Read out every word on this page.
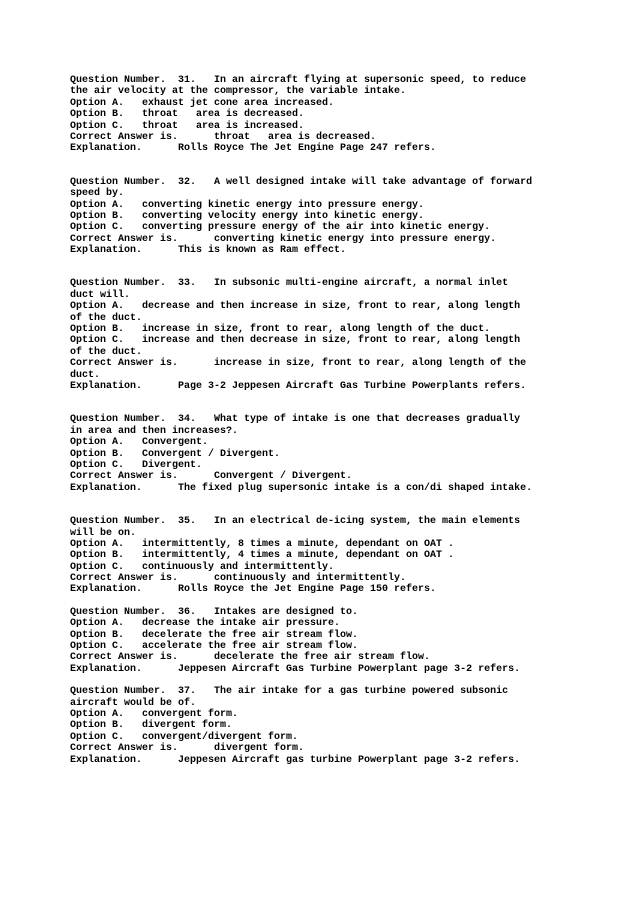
Question Number.  31.   In an aircraft flying at supersonic speed, to reduce
the air velocity at the compressor, the variable intake.
Option A.   exhaust jet cone area increased.
Option B.   throat   area is decreased.
Option C.   throat   area is increased.
Correct Answer is.      throat   area is decreased.
Explanation.      Rolls Royce The Jet Engine Page 247 refers.
Question Number.  32.   A well designed intake will take advantage of forward
speed by.
Option A.   converting kinetic energy into pressure energy.
Option B.   converting velocity energy into kinetic energy.
Option C.   converting pressure energy of the air into kinetic energy.
Correct Answer is.      converting kinetic energy into pressure energy.
Explanation.      This is known as Ram effect.
Question Number.  33.   In subsonic multi-engine aircraft, a normal inlet
duct will.
Option A.   decrease and then increase in size, front to rear, along length
of the duct.
Option B.   increase in size, front to rear, along length of the duct.
Option C.   increase and then decrease in size, front to rear, along length
of the duct.
Correct Answer is.      increase in size, front to rear, along length of the
duct.
Explanation.      Page 3-2 Jeppesen Aircraft Gas Turbine Powerplants refers.
Question Number.  34.   What type of intake is one that decreases gradually
in area and then increases?.
Option A.   Convergent.
Option B.   Convergent / Divergent.
Option C.   Divergent.
Correct Answer is.      Convergent / Divergent.
Explanation.      The fixed plug supersonic intake is a con/di shaped intake.
Question Number.  35.   In an electrical de-icing system, the main elements
will be on.
Option A.   intermittently, 8 times a minute, dependant on OAT .
Option B.   intermittently, 4 times a minute, dependant on OAT .
Option C.   continuously and intermittently.
Correct Answer is.      continuously and intermittently.
Explanation.      Rolls Royce the Jet Engine Page 150 refers.
Question Number.  36.   Intakes are designed to.
Option A.   decrease the intake air pressure.
Option B.   decelerate the free air stream flow.
Option C.   accelerate the free air stream flow.
Correct Answer is.      decelerate the free air stream flow.
Explanation.      Jeppesen Aircraft Gas Turbine Powerplant page 3-2 refers.
Question Number.  37.   The air intake for a gas turbine powered subsonic
aircraft would be of.
Option A.   convergent form.
Option B.   divergent form.
Option C.   convergent/divergent form.
Correct Answer is.      divergent form.
Explanation.      Jeppesen Aircraft gas turbine Powerplant page 3-2 refers.
